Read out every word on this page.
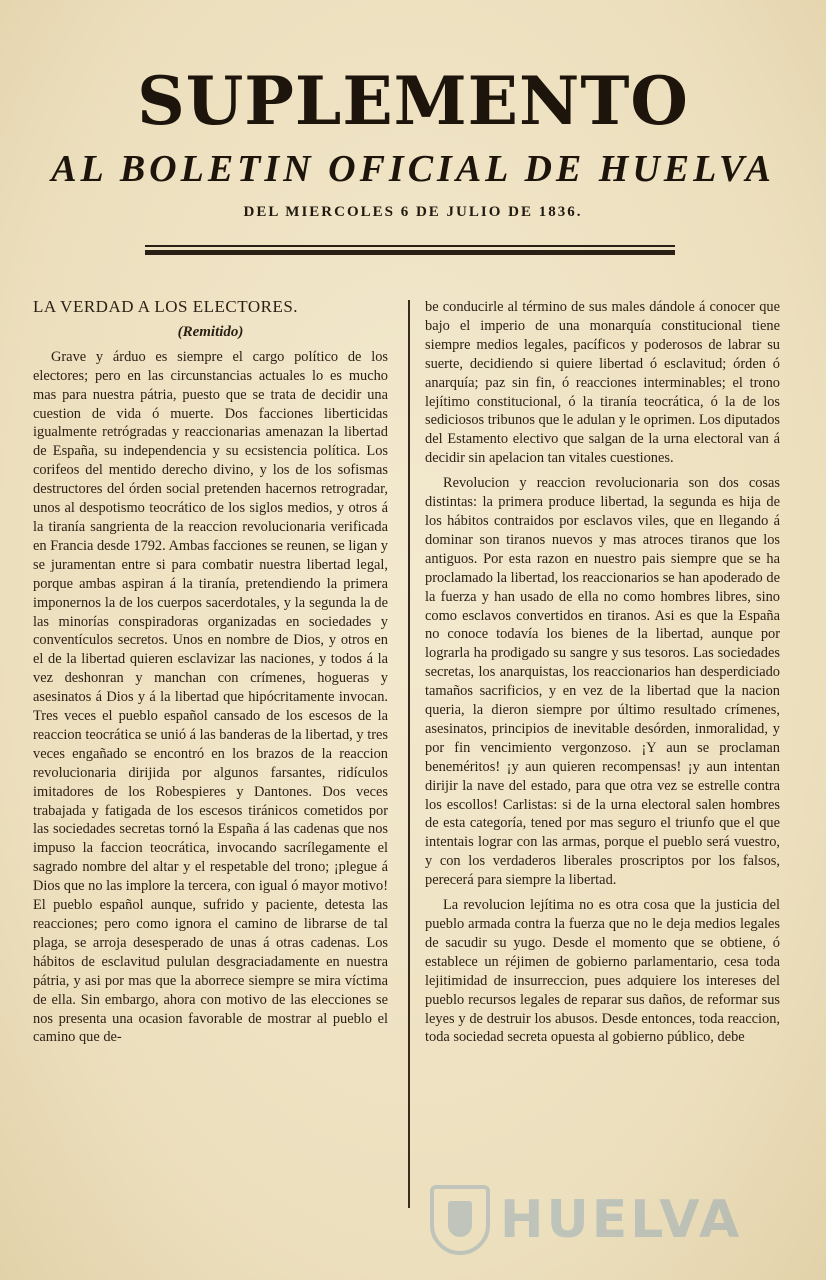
SUPLEMENTO
AL BOLETIN OFICIAL DE HUELVA
DEL MIERCOLES 6 DE JULIO DE 1836.

LA VERDAD A LOS ELECTORES.

(Remitido)

Grave y árduo es siempre el cargo político de los electores; pero en las circunstancias actuales lo es mucho mas para nuestra pátria, puesto que se trata de decidir una cuestion de vida ó muerte. Dos facciones liberticidas igualmente retrógradas y reaccionarias amenazan la libertad de España, su independencia y su ecsistencia política. Los corifeos del mentido derecho divino, y los de los sofismas destructores del órden social pretenden hacernos retrogradar, unos al despotismo teocrático de los siglos medios, y otros á la tiranía sangrienta de la reaccion revolucionaria verificada en Francia desde 1792. Ambas facciones se reunen, se ligan y se juramentan entre si para combatir nuestra libertad legal, porque ambas aspiran á la tiranía, pretendiendo la primera imponernos la de los cuerpos sacerdotales, y la segunda la de las minorías conspiradoras organizadas en sociedades y conventículos secretos. Unos en nombre de Dios, y otros en el de la libertad quieren esclavizar las naciones, y todos á la vez deshonran y manchan con crímenes, hogueras y asesinatos á Dios y á la libertad que hipócritamente invocan. Tres veces el pueblo español cansado de los escesos de la reaccion teocrática se unió á las banderas de la libertad, y tres veces engañado se encontró en los brazos de la reaccion revolucionaria dirijida por algunos farsantes, ridículos imitadores de los Robespieres y Dantones. Dos veces trabajada y fatigada de los escesos tiránicos cometidos por las sociedades secretas tornó la España á las cadenas que nos impuso la faccion teocrática, invocando sacrílegamente el sagrado nombre del altar y el respetable del trono; ¡plegue á Dios que no las implore la tercera, con igual ó mayor motivo! El pueblo español aunque, sufrido y paciente, detesta las reacciones; pero como ignora el camino de librarse de tal plaga, se arroja desesperado de unas á otras cadenas. Los hábitos de esclavitud pululan desgraciadamente en nuestra pátria, y asi por mas que la aborrece siempre se mira víctima de ella. Sin embargo, ahora con motivo de las elecciones se nos presenta una ocasion favorable de mostrar al pueblo el camino que de-

be conducirle al término de sus males dándole á conocer que bajo el imperio de una monarquía constitucional tiene siempre medios legales, pacíficos y poderosos de labrar su suerte, decidiendo si quiere libertad ó esclavitud; órden ó anarquía; paz sin fin, ó reacciones interminables; el trono lejítimo constitucional, ó la tiranía teocrática, ó la de los sediciosos tribunos que le adulan y le oprimen. Los diputados del Estamento electivo que salgan de la urna electoral van á decidir sin apelacion tan vitales cuestiones.

Revolucion y reaccion revolucionaria son dos cosas distintas: la primera produce libertad, la segunda es hija de los hábitos contraidos por esclavos viles, que en llegando á dominar son tiranos nuevos y mas atroces tiranos que los antiguos. Por esta razon en nuestro pais siempre que se ha proclamado la libertad, los reaccionarios se han apoderado de la fuerza y han usado de ella no como hombres libres, sino como esclavos convertidos en tiranos. Asi es que la España no conoce todavía los bienes de la libertad, aunque por lograrla ha prodigado su sangre y sus tesoros. Las sociedades secretas, los anarquistas, los reaccionarios han desperdiciado tamaños sacrificios, y en vez de la libertad que la nacion queria, la dieron siempre por último resultado crímenes, asesinatos, principios de inevitable desórden, inmoralidad, y por fin vencimiento vergonzoso. ¡Y aun se proclaman beneméritos! ¡y aun quieren recompensas! ¡y aun intentan dirijir la nave del estado, para que otra vez se estrelle contra los escollos! Carlistas: si de la urna electoral salen hombres de esta categoría, tened por mas seguro el triunfo que el que intentais lograr con las armas, porque el pueblo será vuestro, y con los verdaderos liberales proscriptos por los falsos, perecerá para siempre la libertad.

La revolucion lejítima no es otra cosa que la justicia del pueblo armada contra la fuerza que no le deja medios legales de sacudir su yugo. Desde el momento que se obtiene, ó establece un réjimen de gobierno parlamentario, cesa toda lejitimidad de insurreccion, pues adquiere los intereses del pueblo recursos legales de reparar sus daños, de reformar sus leyes y de destruir los abusos. Desde entonces, toda reaccion, toda sociedad secreta opuesta al gobierno público, debe

HUELVA
